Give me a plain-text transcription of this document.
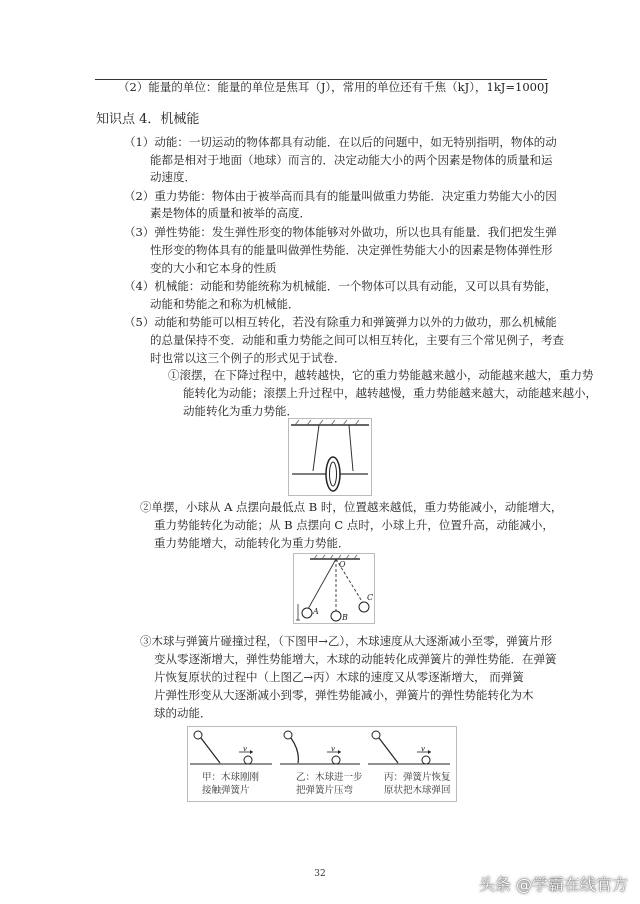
（2）能量的单位：能量的单位是焦耳（J），常用的单位还有千焦（kJ），1kJ=1000J
知识点 4．机械能
（1）动能：一切运动的物体都具有动能．在以后的问题中，如无特别指明，物体的动
能都是相对于地面（地球）而言的．决定动能大小的两个因素是物体的质量和运
动速度．
（2）重力势能：物体由于被举高而具有的能量叫做重力势能．决定重力势能大小的因
素是物体的质量和被举的高度．
（3）弹性势能：发生弹性形变的物体能够对外做功，所以也具有能量．我们把发生弹
性形变的物体具有的能量叫做弹性势能．决定弹性势能大小的因素是物体弹性形
变的大小和它本身的性质
（4）机械能：动能和势能统称为机械能．一个物体可以具有动能，又可以具有势能，
动能和势能之和称为机械能．
（5）动能和势能可以相互转化，若没有除重力和弹簧弹力以外的力做功，那么机械能
的总量保持不变．动能和重力势能之间可以相互转化，主要有三个常见例子，考查
时也常以这三个例子的形式见于试卷．
①滚摆，在下降过程中，越转越快，它的重力势能越来越小，动能越来越大，重力势
能转化为动能；滚摆上升过程中，越转越慢，重力势能越来越大，动能越来越小，
动能转化为重力势能．
②单摆，小球从 A 点摆向最低点 B 时，位置越来越低，重力势能减小，动能增大，
重力势能转化为动能；从 B 点摆向 C 点时，小球上升，位置升高，动能减小，
重力势能增大，动能转化为重力势能．
O
A
B
C
③木球与弹簧片碰撞过程，（下图甲→乙），木球速度从大逐渐减小至零，弹簧片形
变从零逐渐增大，弹性势能增大，木球的动能转化成弹簧片的弹性势能．在弹簧
片恢复原状的过程中（上图乙→丙）木球的速度又从零逐渐增大， 而弹簧
片弹性形变从大逐渐减小到零，弹性势能减小，弹簧片的弹性势能转化为木
球的动能．
v	v	v
甲：木球刚刚
接触弹簧片
乙：木球进一步
把弹簧片压弯
丙：弹簧片恢复
原状把木球弹回
32
头条 @学霸在线官方
